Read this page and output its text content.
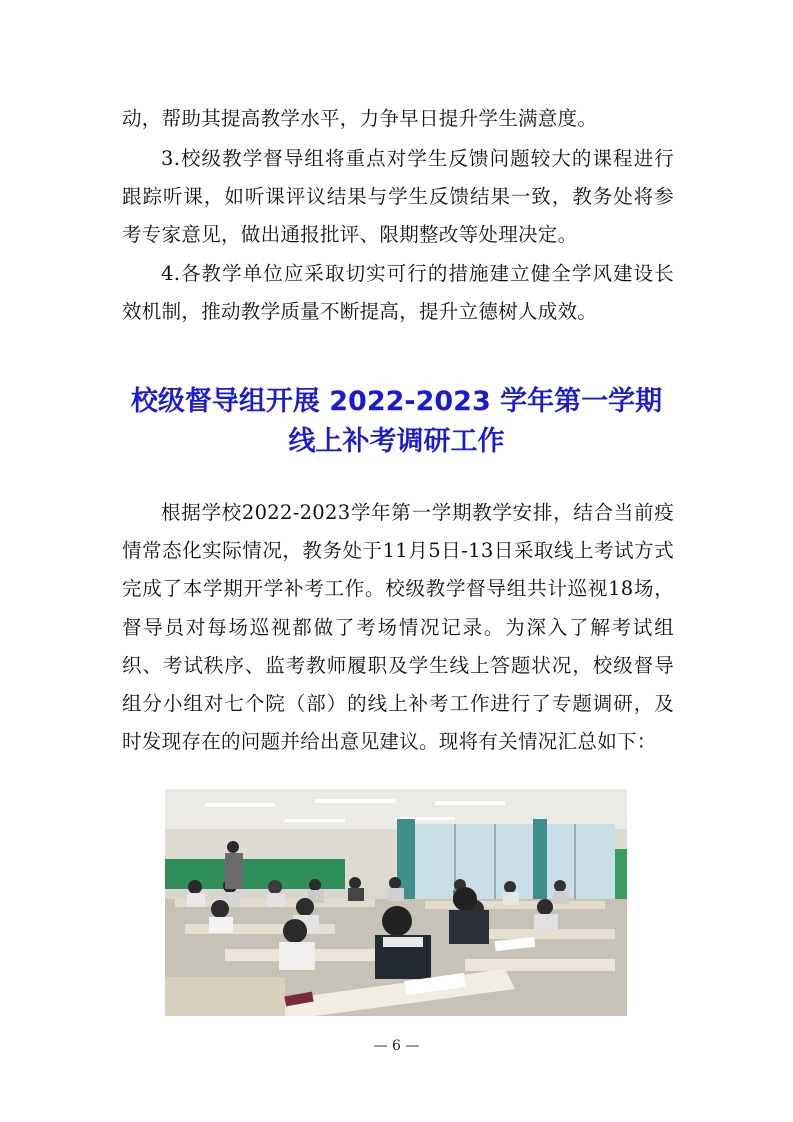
动，帮助其提高教学水平，力争早日提升学生满意度。

3.校级教学督导组将重点对学生反馈问题较大的课程进行跟踪听课，如听课评议结果与学生反馈结果一致，教务处将参考专家意见，做出通报批评、限期整改等处理决定。

4.各教学单位应采取切实可行的措施建立健全学风建设长效机制，推动教学质量不断提高，提升立德树人成效。

校级督导组开展 2022-2023 学年第一学期
线上补考调研工作

根据学校2022-2023学年第一学期教学安排，结合当前疫情常态化实际情况，教务处于11月5日-13日采取线上考试方式完成了本学期开学补考工作。校级教学督导组共计巡视18场，督导员对每场巡视都做了考场情况记录。为深入了解考试组织、考试秩序、监考教师履职及学生线上答题状况，校级督导组分小组对七个院（部）的线上补考工作进行了专题调研，及时发现存在的问题并给出意见建议。现将有关情况汇总如下：

— 6 —
